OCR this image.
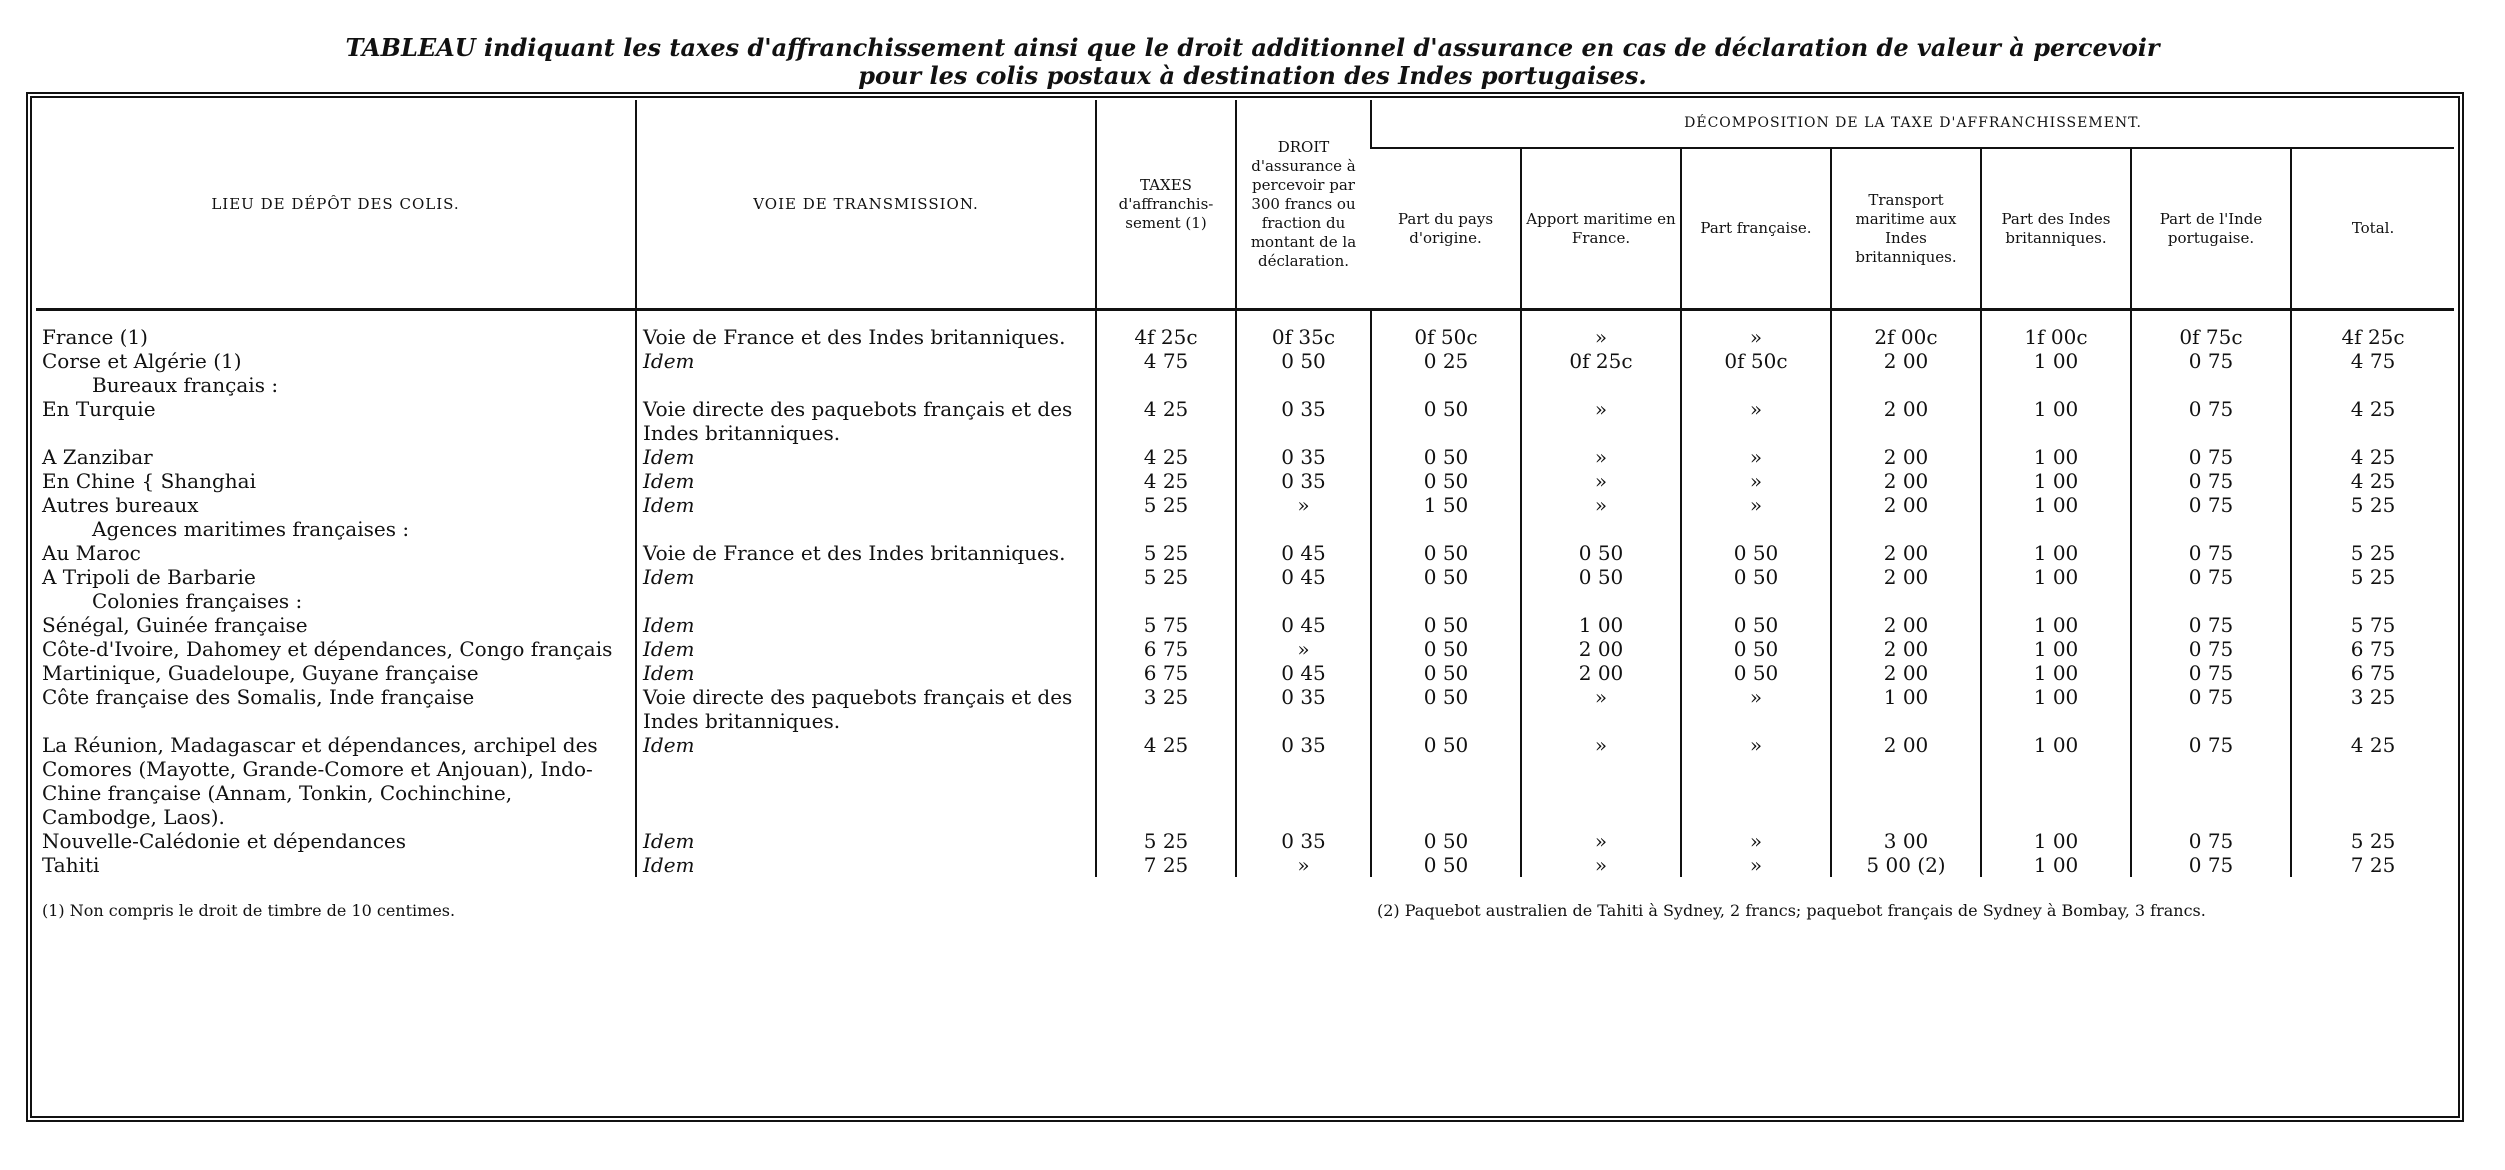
TABLEAU indiquant les taxes d'affranchissement ainsi que le droit additionnel d'assurance en cas de déclaration de valeur à percevoir
pour les colis postaux à destination des Indes portugaises.
LIEU DE DÉPÔT DES COLIS.	VOIE DE TRANSMISSION.	TAXES d'affranchis-sement (1)	DROIT d'assurance à percevoir par 300 francs ou fraction du montant de la déclaration.	DÉCOMPOSITION DE LA TAXE D'AFFRANCHISSEMENT.						
				Part du pays d'origine.	Apport maritime en France.	Part française.	Transport maritime aux Indes britanniques.	Part des Indes britanniques.	Part de l'Inde portugaise.	Total.
France (1)	Voie de France et des Indes britanniques.	4f 25c	0f 35c	0f 50c	»	»	2f 00c	1f 00c	0f 75c	4f 25c
Corse et Algérie (1)	Idem	4 75	0 50	0 25	0f 25c	0f 50c	2 00	1 00	0 75	4 75
Bureaux français :										
En Turquie	Voie directe des paquebots français et des Indes britanniques.	4 25	0 35	0 50	»	»	2 00	1 00	0 75	4 25
A Zanzibar	Idem	4 25	0 35	0 50	»	»	2 00	1 00	0 75	4 25
En Chine { Shanghai	Idem	4 25	0 35	0 50	»	»	2 00	1 00	0 75	4 25
Autres bureaux	Idem	5 25	»	1 50	»	»	2 00	1 00	0 75	5 25
Agences maritimes françaises :										
Au Maroc	Voie de France et des Indes britanniques.	5 25	0 45	0 50	0 50	0 50	2 00	1 00	0 75	5 25
A Tripoli de Barbarie	Idem	5 25	0 45	0 50	0 50	0 50	2 00	1 00	0 75	5 25
Colonies françaises :										
Sénégal, Guinée française	Idem	5 75	0 45	0 50	1 00	0 50	2 00	1 00	0 75	5 75
Côte-d'Ivoire, Dahomey et dépendances, Congo français	Idem	6 75	»	0 50	2 00	0 50	2 00	1 00	0 75	6 75
Martinique, Guadeloupe, Guyane française	Idem	6 75	0 45	0 50	2 00	0 50	2 00	1 00	0 75	6 75
Côte française des Somalis, Inde française	Voie directe des paquebots français et des Indes britanniques.	3 25	0 35	0 50	»	»	1 00	1 00	0 75	3 25
La Réunion, Madagascar et dépendances, archipel des Comores (Mayotte, Grande-Comore et Anjouan), Indo-Chine française (Annam, Tonkin, Cochinchine, Cambodge, Laos).	Idem	4 25	0 35	0 50	»	»	2 00	1 00	0 75	4 25
Nouvelle-Calédonie et dépendances	Idem	5 25	0 35	0 50	»	»	3 00	1 00	0 75	5 25
Tahiti	Idem	7 25	»	0 50	»	»	5 00 (2)	1 00	0 75	7 25
(1) Non compris le droit de timbre de 10 centimes.				(2) Paquebot australien de Tahiti à Sydney, 2 francs; paquebot français de Sydney à Bombay, 3 francs.						
